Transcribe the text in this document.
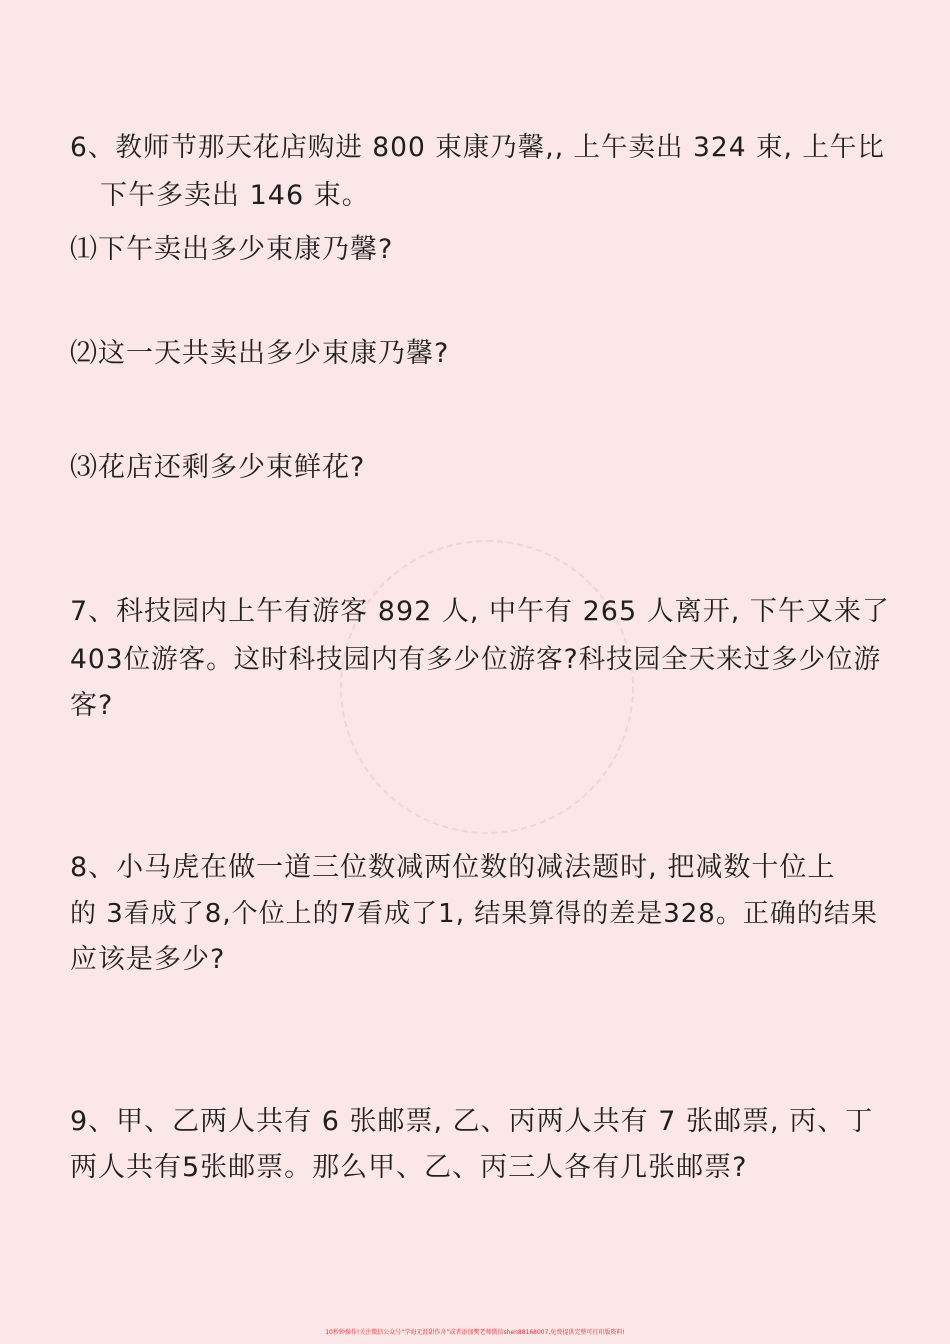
6、教师节那天花店购进 800 束康乃馨,, 上午卖出 324 束, 上午比
下午多卖出 146 束。
⑴下午卖出多少束康乃馨?
⑵这一天共卖出多少束康乃馨?
⑶花店还剩多少束鲜花?
7、科技园内上午有游客 892 人, 中午有 265 人离开, 下午又来了
403位游客。这时科技园内有多少位游客?科技园全天来过多少位游
客?
8、小马虎在做一道三位数减两位数的减法题时, 把减数十位上
的 3看成了8,个位上的7看成了1, 结果算得的差是328。正确的结果
应该是多少?
9、甲、乙两人共有 6 张邮票, 乙、丙两人共有 7 张邮票, 丙、丁
两人共有5张邮票。那么甲、乙、丙三人各有几张邮票?
10秒钟操作!关注微信公众号“学海无涯甜作舟”或者添加樊老师微信shen88168007,免费提供完整可打印版资料!
